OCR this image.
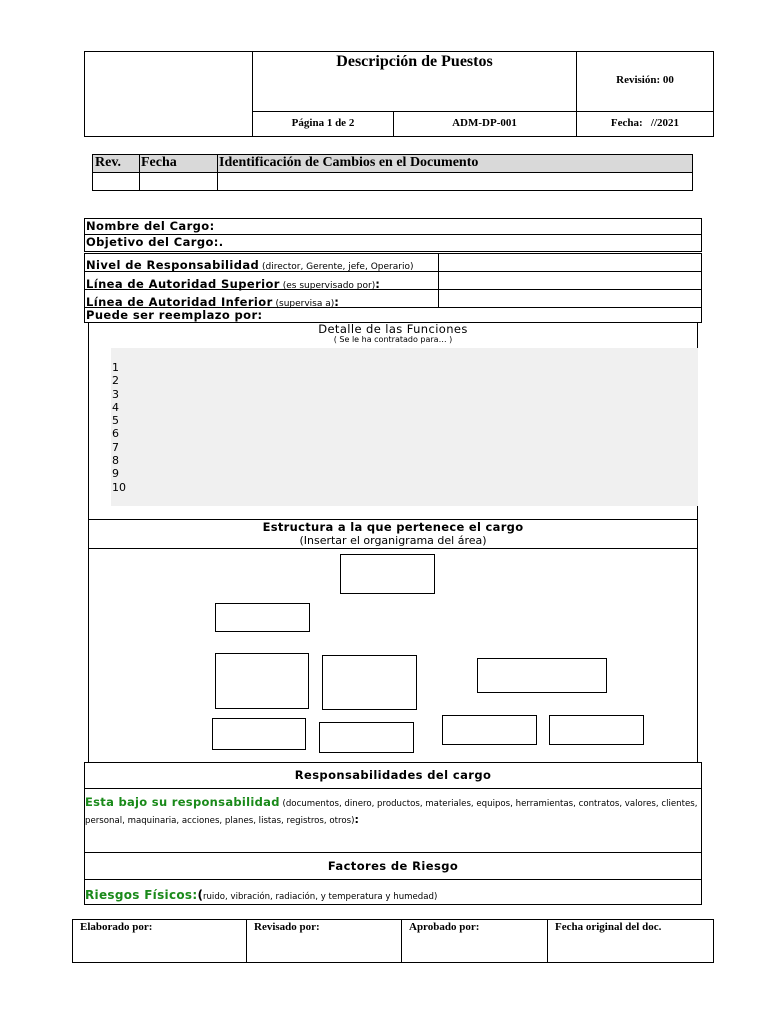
Descripción de Puestos
Revisión: 00
Página 1 de 2	ADM-DP-001	Fecha:   //2021
Rev. Fecha	Identificación de Cambios en el Documento
Nombre del Cargo:
Objetivo del Cargo:.
Nivel de Responsabilidad (director, Gerente, jefe, Operario)
Línea de Autoridad Superior (es supervisado por):
Línea de Autoridad Inferior (supervisa a):
Puede ser reemplazo por:
Detalle de las Funciones
( Se le ha contratado para… )
1
2
3
4
5
6
7
8
9
10
Estructura a la que pertenece el cargo
(Insertar el organigrama del área)
Responsabilidades del cargo
Esta bajo su responsabilidad (documentos, dinero, productos, materiales, equipos, herramientas, contratos, valores, clientes, personal, maquinaria, acciones, planes, listas, registros, otros):
Factores de Riesgo
Riesgos Físicos:(ruido, vibración, radiación, y temperatura y humedad)
Elaborado por:	Revisado por:	Aprobado por:	Fecha original del doc.
